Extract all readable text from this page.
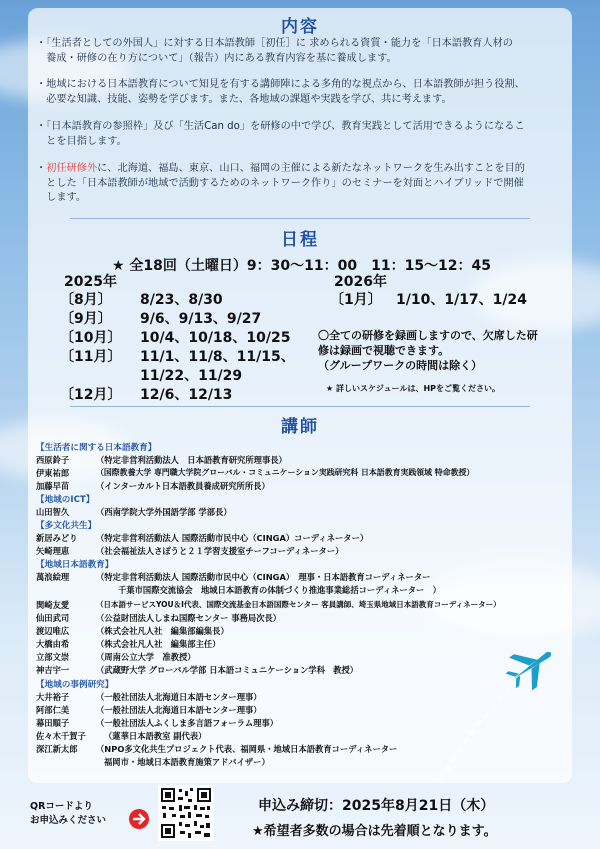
内容
・「生活者としての外国人」に対する日本語教師［初任］に 求められる資質・能力を「日本語教育人材の
　養成・研修の在り方について」（報告）内にある教育内容を基に養成します。
・地域における日本語教育について知見を有する講師陣による多角的な視点から、日本語教師が担う役割、
　必要な知識、技能、姿勢を学びます。また、各地域の課題や実践を学び、共に考えます。
・「日本語教育の参照枠」及び「生活Can do」を研修の中で学び、教育実践として活用できるようになるこ
　とを目指します。
・初任研修外に、北海道、福島、東京、山口、福岡の主催による新たなネットワークを生み出すことを目的
　とした「日本語教師が地域で活動するためのネットワーク作り」のセミナーを対面とハイブリッドで開催
　します。
日程
★ 全18回（土曜日）9：30〜11：00　11：15〜12：45
2025年
〔8月〕 8/23、8/30
〔9月〕 9/6、9/13、9/27
〔10月〕 10/4、10/18、10/25
〔11月〕 11/1、11/8、11/15、
11/22、11/29
〔12月〕 12/6、12/13
2026年
〔1月〕 1/10、1/17、1/24
〇全ての研修を録画しますので、欠席した研
修は録画で視聴できます。
（グループワークの時間は除く）
★ 詳しいスケジュールは、HPをご覧ください。
講師
【生活者に関する日本語教育】
西原鈴子	（特定非営利活動法人　日本語教育研究所理事長）
伊東祐郎	（国際教養大学 専門職大学院グローバル・コミュニケーション実践研究科 日本語教育実践領域 特命教授）
加藤早苗	（インターカルト日本語教員養成研究所所長）
【地域のICT】
山田智久	（西南学院大学外国語学部 学部長）
【多文化共生】
新居みどり （特定非営利活動法人 国際活動市民中心（CINGA）コーディネーター）
矢崎理恵	（社会福祉法人さぽうと２１学習支援室チーフコーディネーター）
【地域日本語教育】
萬浪絵理	（特定非営利活動法人 国際活動市民中心（CINGA）　理事・日本語教育コーディネーター
千葉市国際交流協会　地域日本語教育の体制づくり推進事業総括コーディネーター　）
関崎友愛	（日本語サービスYOU＆I代表、国際交流基金日本語国際センター 客員講師、埼玉県地域日本語教育コーディネーター）
仙田武司	（公益財団法人しまね国際センター 事務局次長）
渡辺唯広	（株式会社凡人社　編集部編集長）
大橋由希	（株式会社凡人社　編集部主任）
立部文崇	（周南公立大学　准教授）
神吉宇一	（武蔵野大学 グローバル学部 日本語コミュニケーション学科　教授）
【地域の事例研究】
大井裕子	（一般社団法人北海道日本語センター理事）
阿部仁美	（一般社団法人北海道日本語センター理事）
幕田順子	（一般社団法人ふくしま多言語フォーラム理事）
佐々木千賀子 （蓮華日本語教室 副代表）
深江新太郎 （NPO多文化共生プロジェクト代表、福岡県・地域日本語教育コーディネーター
福岡市・地域日本語教育施策アドバイザー）
QRコードより
お申込みください
申込み締切：2025年8月21日（木）
★希望者多数の場合は先着順となります。
